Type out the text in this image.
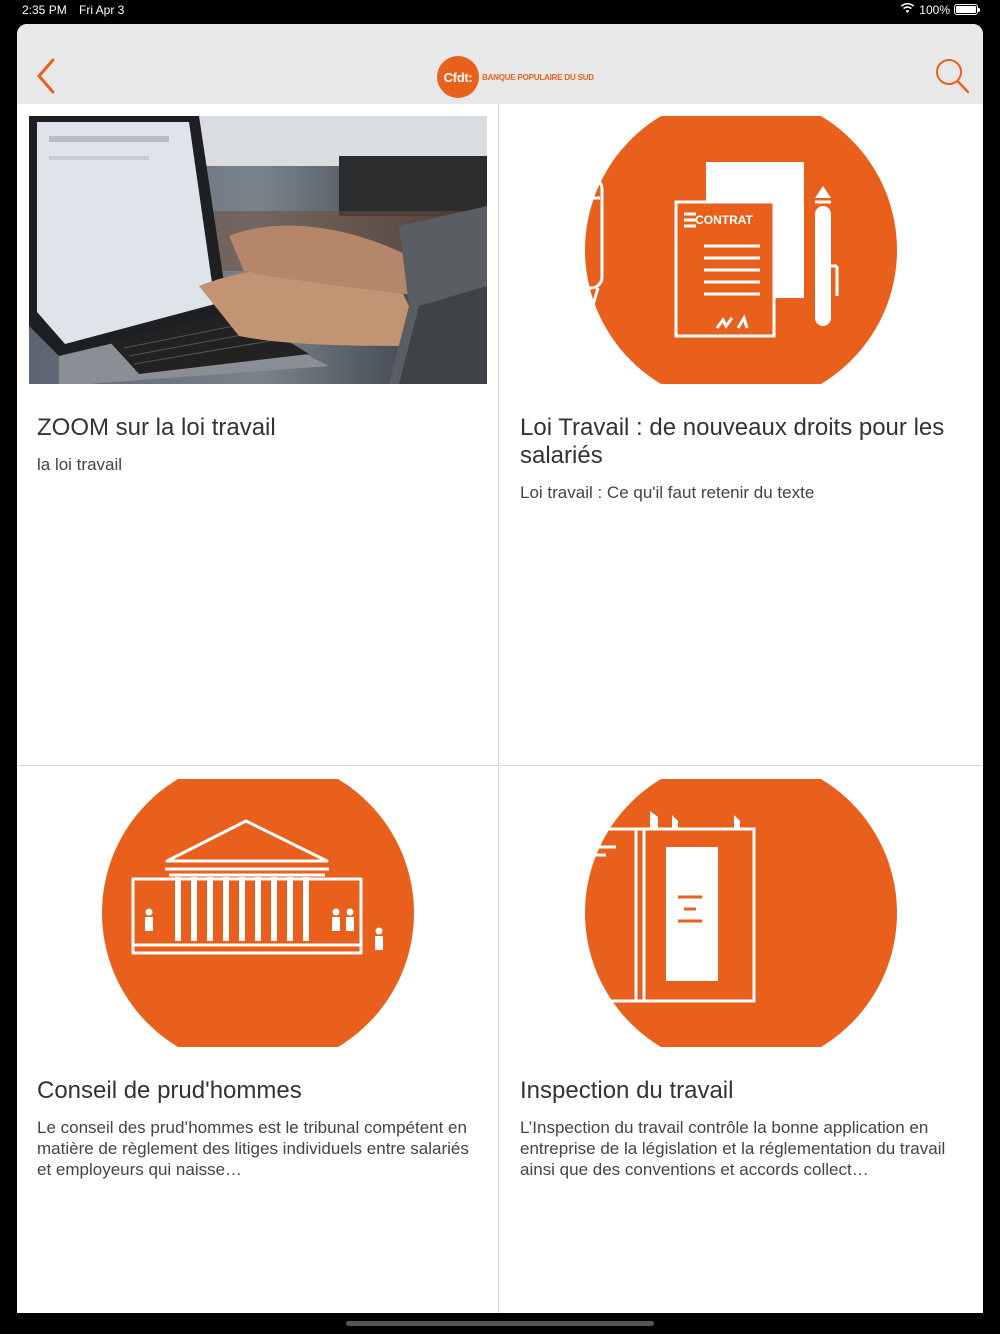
2:35 PM Fri Apr 3	100%
Cfdt:	BANQUE POPULAIRE DU SUD
ZOOM sur la loi travail
la loi travail
CONTRAT
Loi Travail : de nouveaux droits pour les salariés
Loi travail : Ce qu'il faut retenir du texte
Conseil de prud'hommes
Le conseil des prud’hommes est le tribunal compétent en matière de règlement des litiges individuels entre salariés et employeurs qui naisse…
Inspection du travail
L’Inspection du travail contrôle la bonne application en entreprise de la législation et la réglementation du travail ainsi que des conventions et accords collect…
